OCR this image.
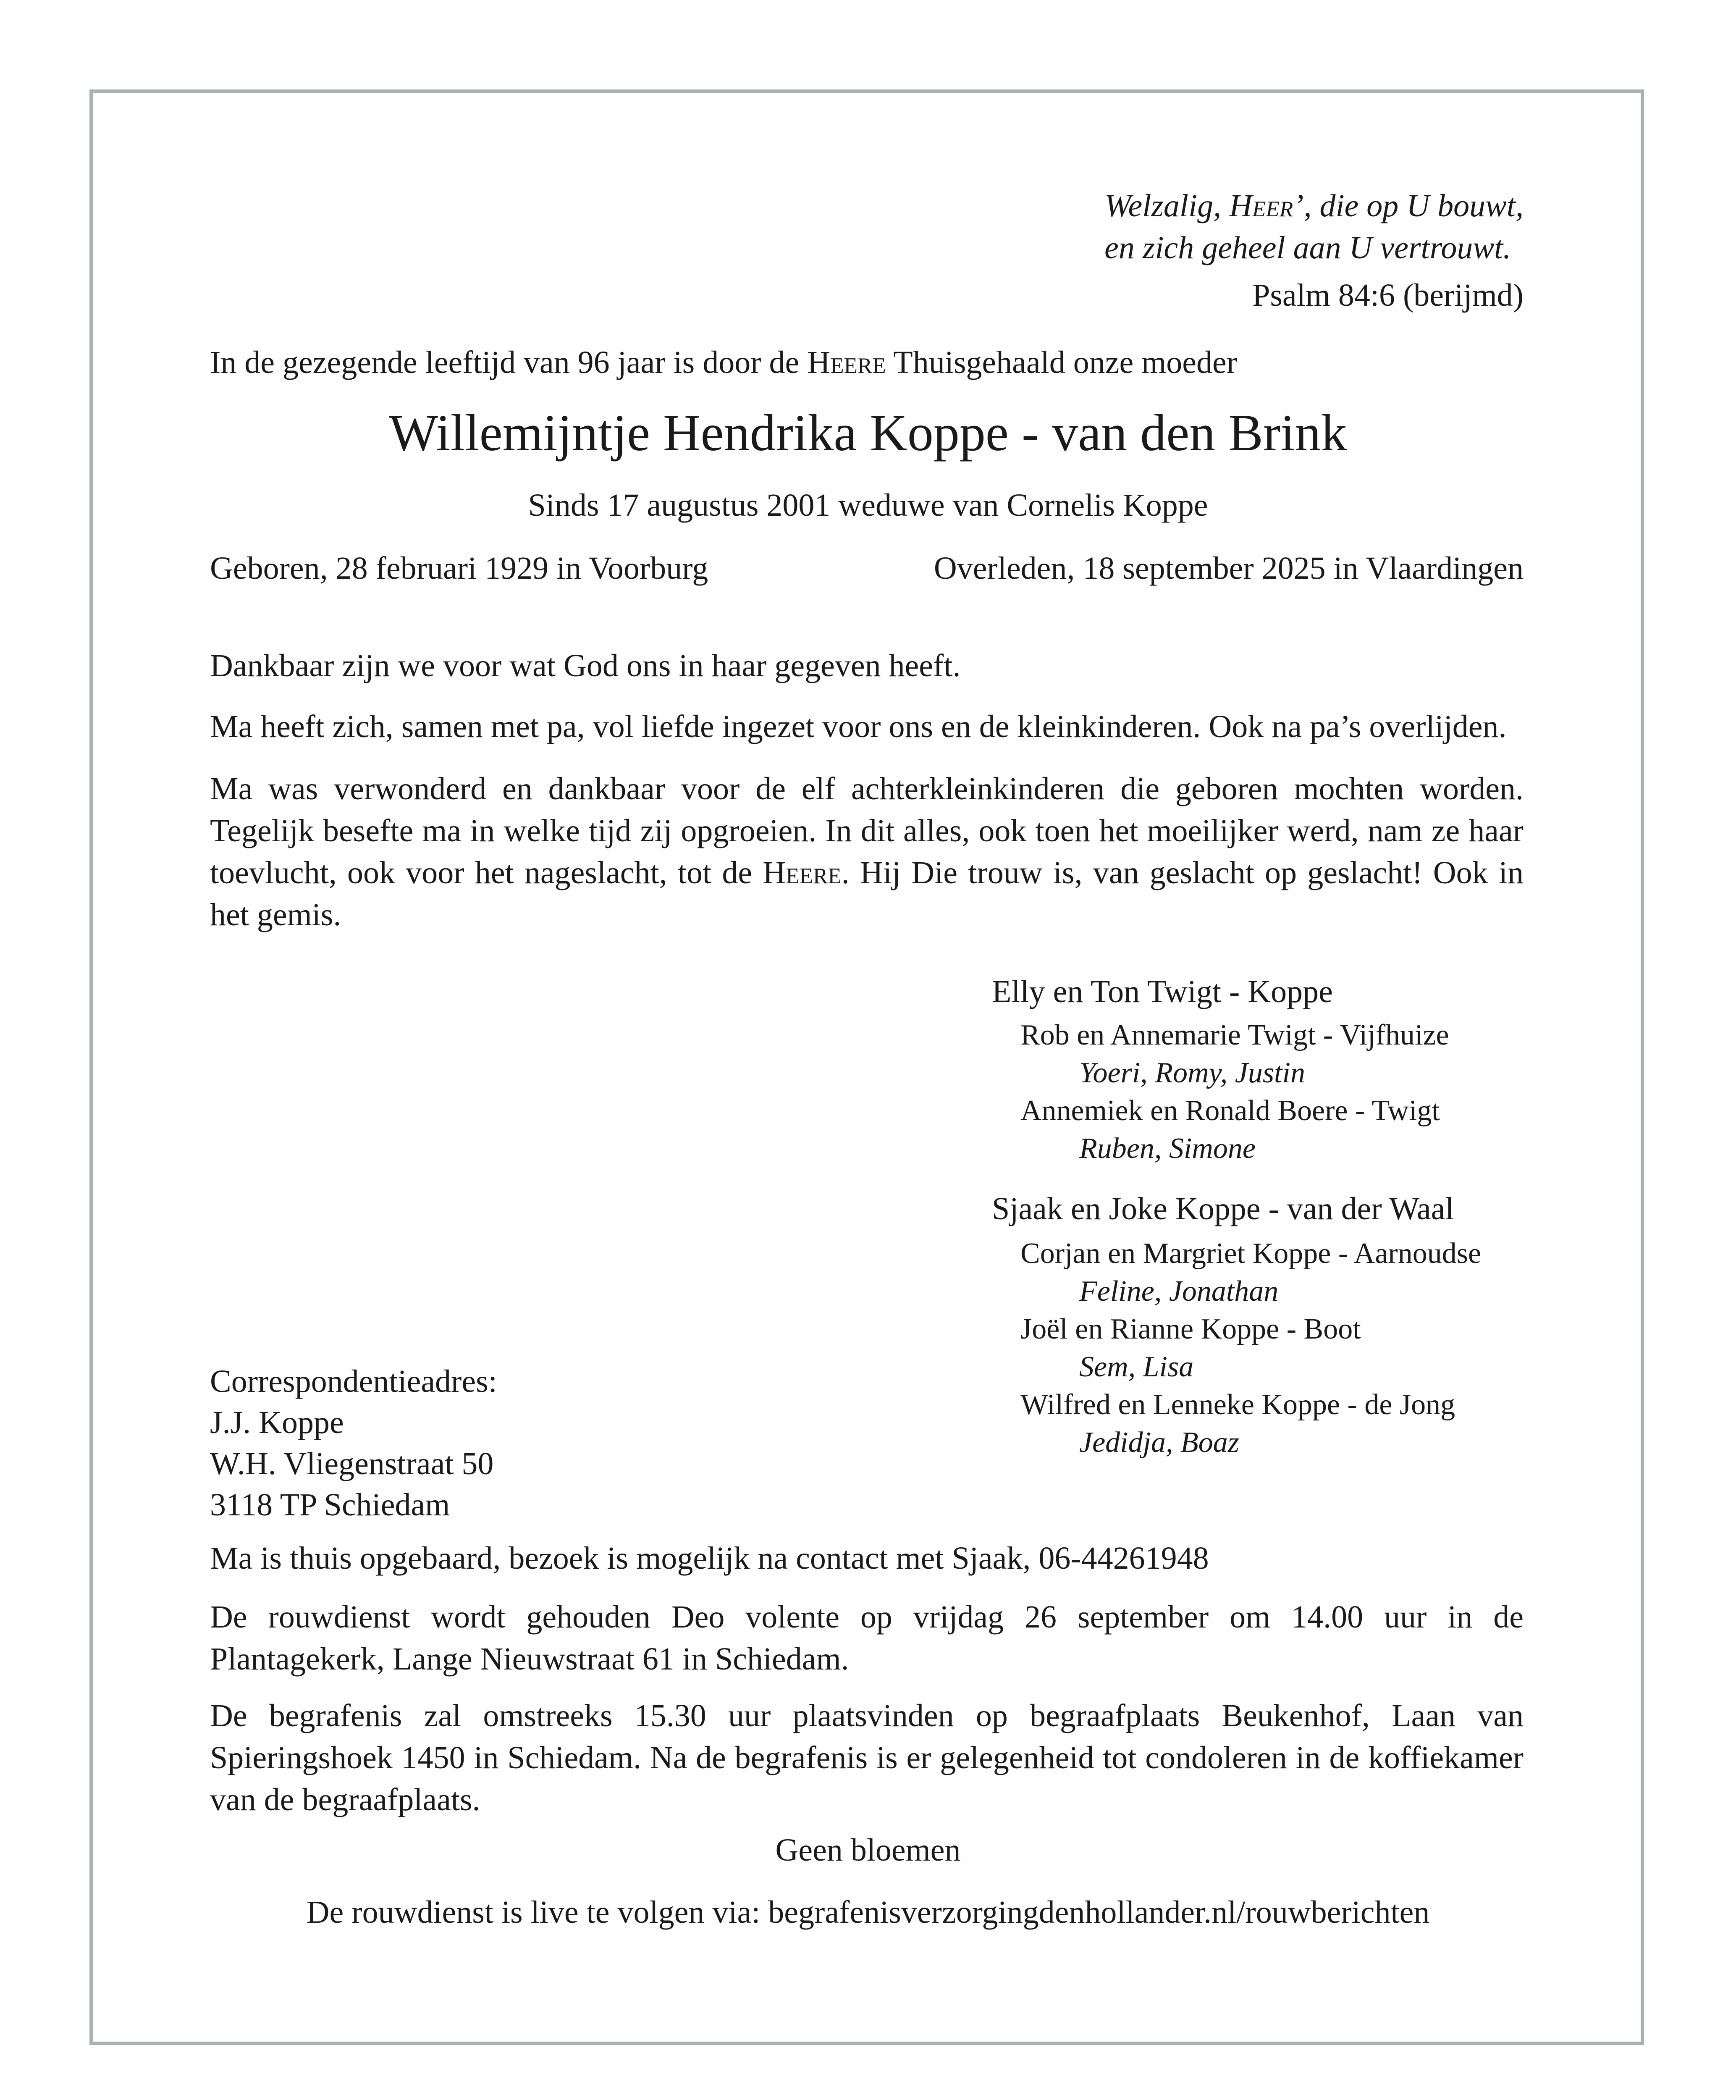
Welzalig, Heer’, die op U bouwt,
en zich geheel aan U vertrouwt.
Psalm 84:6 (berijmd)
In de gezegende leeftijd van 96 jaar is door de Heere Thuisgehaald onze moeder
Willemijntje Hendrika Koppe - van den Brink
Sinds 17 augustus 2001 weduwe van Cornelis Koppe
Geboren, 28 februari 1929 in Voorburg	Overleden, 18 september 2025 in Vlaardingen
Dankbaar zijn we voor wat God ons in haar gegeven heeft.
Ma heeft zich, samen met pa, vol liefde ingezet voor ons en de kleinkinderen. Ook na pa’s overlijden.
Ma was verwonderd en dankbaar voor de elf achterkleinkinderen die geboren mochten worden. Tegelijk besefte ma in welke tijd zij opgroeien. In dit alles, ook toen het moeilijker werd, nam ze haar toevlucht, ook voor het nageslacht, tot de Heere. Hij Die trouw is, van geslacht op geslacht! Ook in het gemis.
Elly en Ton Twigt - Koppe
Rob en Annemarie Twigt - Vijfhuize
Yoeri, Romy, Justin
Annemiek en Ronald Boere - Twigt
Ruben, Simone
Sjaak en Joke Koppe - van der Waal
Corjan en Margriet Koppe - Aarnoudse
Feline, Jonathan
Joël en Rianne Koppe - Boot
Sem, Lisa
Wilfred en Lenneke Koppe - de Jong
Jedidja, Boaz
Correspondentieadres:
J.J. Koppe
W.H. Vliegenstraat 50
3118 TP Schiedam
Ma is thuis opgebaard, bezoek is mogelijk na contact met Sjaak, 06-44261948
De rouwdienst wordt gehouden Deo volente op vrijdag 26 september om 14.00 uur in de Plantagekerk, Lange Nieuwstraat 61 in Schiedam.
De begrafenis zal omstreeks 15.30 uur plaatsvinden op begraafplaats Beukenhof, Laan van Spieringshoek 1450 in Schiedam. Na de begrafenis is er gelegenheid tot condoleren in de koffiekamer van de begraafplaats.
Geen bloemen
De rouwdienst is live te volgen via: begrafenisverzorgingdenhollander.nl/rouwberichten
